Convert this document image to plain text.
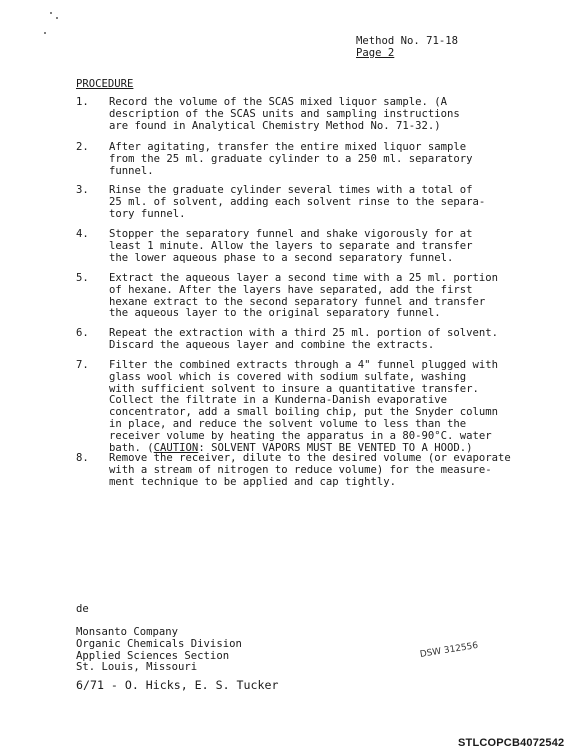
Method No. 71-18
Page 2
PROCEDURE
1.	Record the volume of the SCAS mixed liquor sample. (A
description of the SCAS units and sampling instructions
are found in Analytical Chemistry Method No. 71-32.)
2.	After agitating, transfer the entire mixed liquor sample
from the 25 ml. graduate cylinder to a 250 ml. separatory
funnel.
3.	Rinse the graduate cylinder several times with a total of
25 ml. of solvent, adding each solvent rinse to the separa-
tory funnel.
4.	Stopper the separatory funnel and shake vigorously for at
least 1 minute. Allow the layers to separate and transfer
the lower aqueous phase to a second separatory funnel.
5.	Extract the aqueous layer a second time with a 25 ml. portion
of hexane. After the layers have separated, add the first
hexane extract to the second separatory funnel and transfer
the aqueous layer to the original separatory funnel.
6.	Repeat the extraction with a third 25 ml. portion of solvent.
Discard the aqueous layer and combine the extracts.
7.	Filter the combined extracts through a 4" funnel plugged with
glass wool which is covered with sodium sulfate, washing
with sufficient solvent to insure a quantitative transfer.
Collect the filtrate in a Kunderna-Danish evaporative
concentrator, add a small boiling chip, put the Snyder column
in place, and reduce the solvent volume to less than the
receiver volume by heating the apparatus in a 80-90°C. water
bath. (CAUTION: SOLVENT VAPORS MUST BE VENTED TO A HOOD.)
8.	Remove the receiver, dilute to the desired volume (or evaporate
with a stream of nitrogen to reduce volume) for the measure-
ment technique to be applied and cap tightly.
de
Monsanto Company
Organic Chemicals Division
Applied Sciences Section
St. Louis, Missouri
6/71 - O. Hicks, E. S. Tucker
DSW 312556
STLCOPCB4072542
